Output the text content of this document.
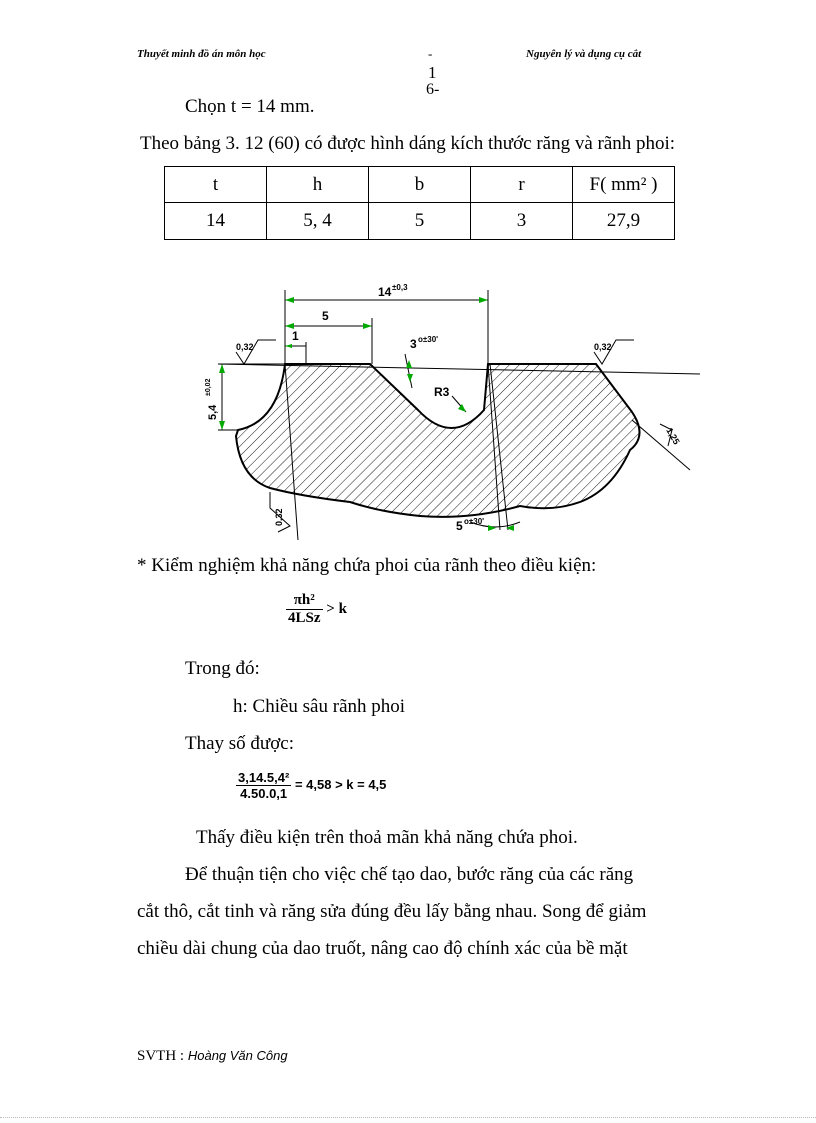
Thuyết minh đồ án môn học	-
1
6-
Nguyên lý và dụng cụ cắt
Chọn t = 14 mm.
Theo bảng 3. 12 (60) có được hình dáng kích thước răng và rãnh phoi:
t	h	b	r	F( mm² )
14	5, 4	5	3	27,9
14 ±0,3
5
1
3 o±30'
R3
5,4
±0,02
0,32	0,32
0,32
1,25
5 o±30'
* Kiểm nghiệm khả năng chứa phoi của rãnh theo điều kiện:
$\frac{\text{πh²}}{\text{4LSz}} > k$
Trong đó:
h: Chiều sâu rãnh phoi
Thay số được:
$\frac{\text{3,14.5,4²}}{4.50.0,1} = 4,58 > k = 4,5$
Thấy điều kiện trên thoả mãn khả năng chứa phoi.
Để thuận tiện cho việc chế tạo dao, bước răng của các răng
cắt thô, cắt tinh và răng sửa đúng đều lấy bằng nhau. Song để giảm
chiều dài chung của dao truốt, nâng cao độ chính xác của bề mặt
SVTH : Hoàng Văn Công
